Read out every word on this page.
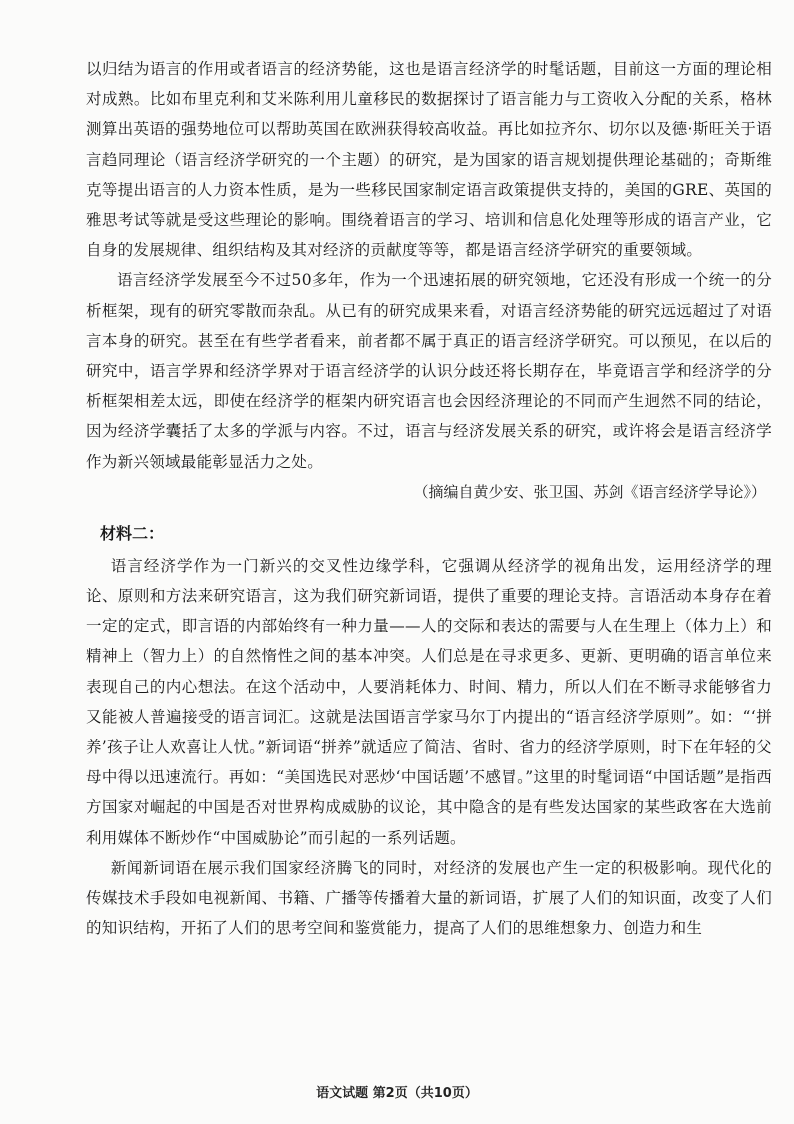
以归结为语言的作用或者语言的经济势能，这也是语言经济学的时髦话题，目前这一方面的理论相对成熟。比如布里克利和艾米陈利用儿童移民的数据探讨了语言能力与工资收入分配的关系，格林测算出英语的强势地位可以帮助英国在欧洲获得较高收益。再比如拉齐尔、切尔以及德·斯旺关于语言趋同理论（语言经济学研究的一个主题）的研究，是为国家的语言规划提供理论基础的；奇斯维克等提出语言的人力资本性质，是为一些移民国家制定语言政策提供支持的，美国的GRE、英国的雅思考试等就是受这些理论的影响。围绕着语言的学习、培训和信息化处理等形成的语言产业，它自身的发展规律、组织结构及其对经济的贡献度等等，都是语言经济学研究的重要领域。

语言经济学发展至今不过50多年，作为一个迅速拓展的研究领地，它还没有形成一个统一的分析框架，现有的研究零散而杂乱。从已有的研究成果来看，对语言经济势能的研究远远超过了对语言本身的研究。甚至在有些学者看来，前者都不属于真正的语言经济学研究。可以预见，在以后的研究中，语言学界和经济学界对于语言经济学的认识分歧还将长期存在，毕竟语言学和经济学的分析框架相差太远，即使在经济学的框架内研究语言也会因经济理论的不同而产生迥然不同的结论，因为经济学囊括了太多的学派与内容。不过，语言与经济发展关系的研究，或许将会是语言经济学作为新兴领域最能彰显活力之处。

（摘编自黄少安、张卫国、苏剑《语言经济学导论》）

材料二：

语言经济学作为一门新兴的交叉性边缘学科，它强调从经济学的视角出发，运用经济学的理论、原则和方法来研究语言，这为我们研究新词语，提供了重要的理论支持。言语活动本身存在着一定的定式，即言语的内部始终有一种力量——人的交际和表达的需要与人在生理上（体力上）和精神上（智力上）的自然惰性之间的基本冲突。人们总是在寻求更多、更新、更明确的语言单位来表现自己的内心想法。在这个活动中，人要消耗体力、时间、精力，所以人们在不断寻求能够省力又能被人普遍接受的语言词汇。这就是法国语言学家马尔丁内提出的“语言经济学原则”。如：“‘拼养’孩子让人欢喜让人忧。”新词语“拼养”就适应了简洁、省时、省力的经济学原则，时下在年轻的父母中得以迅速流行。再如：“美国选民对恶炒‘中国话题’不感冒。”这里的时髦词语“中国话题”是指西方国家对崛起的中国是否对世界构成威胁的议论，其中隐含的是有些发达国家的某些政客在大选前利用媒体不断炒作“中国威胁论”而引起的一系列话题。

新闻新词语在展示我们国家经济腾飞的同时，对经济的发展也产生一定的积极影响。现代化的传媒技术手段如电视新闻、书籍、广播等传播着大量的新词语，扩展了人们的知识面，改变了人们的知识结构，开拓了人们的思考空间和鉴赏能力，提高了人们的思维想象力、创造力和生

语文试题 第2页（共10页）
